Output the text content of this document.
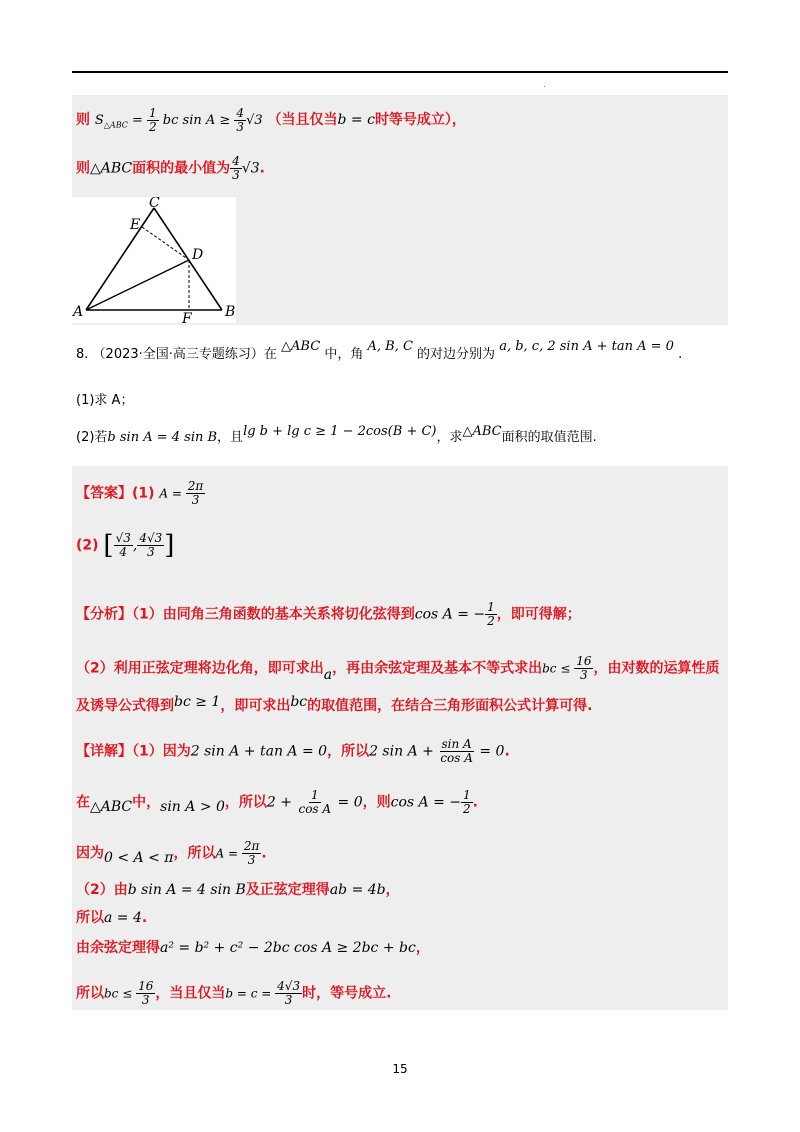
则 $S_{\triangle ABC} = \frac{1}{2}$ bc $\sin A \ge \frac{4}{3} √3$ （当且仅当b = c时等号成立），
则△ABC面积的最小值为 $\frac{4}{3} √3$.
C
E
D
A	B
F
8. （2023·全国·高三专题练习）在 △ABC 中，角 A, B, C 的对边分别为 a, b, c, 2 sin A + tan A = 0 .
(1)求 A；
(2)若b sin A = 4 sin B，且lg b + lg c ≥ 1 − 2cos(B + C)，求△ABC面积的取值范围.
【答案】(1) $A = \frac{2\pi}{3}$
(2) [ $\frac{√3}{4}$ , $\frac{4√3}{3}$ ]
【分析】（1）由同角三角函数的基本关系将切化弦得到cos A = − $\frac{1}{2}$ ，即可得解；
（2）利用正弦定理将边化角，即可求出a，再由余弦定理及基本不等式求出bc ≤ $\frac{16}{3}$ ，由对数的运算性质
及诱导公式得到bc ≥ 1，即可求出bc的取值范围，在结合三角形面积公式计算可得.
【详解】（1）因为2 sin A + tan A = 0，所以2 $\sin A + \frac{\text{sin A}}{\text{cos A}} = 0$.
在△ABC中，sin A > 0，所以$2 + \frac{1}{\text{cos A}} = 0$，则cos A = − $\frac{1}{2}$ .
因为0 < A < π，所以$A = \frac{2\pi}{3}$ .
（2）由b sin A = 4 sin B及正弦定理得ab = 4b，
所以a = 4.
由余弦定理得a² = b² + c² − 2bc cos A ≥ 2bc + bc，
所以bc ≤ $\frac{16}{3}$ ，当且仅当$b = c = \frac{4√3}{3}$ 时，等号成立.
15
